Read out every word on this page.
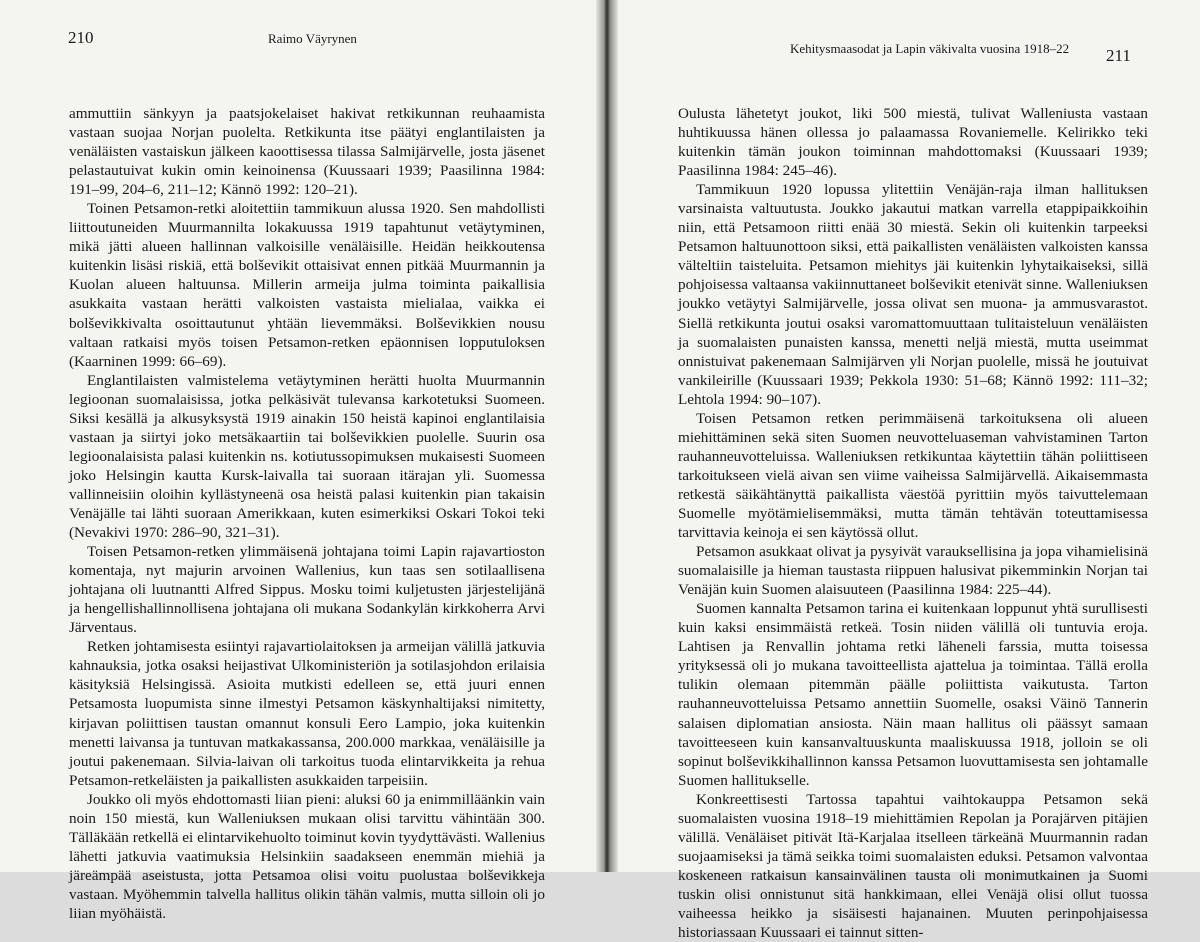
210	Raimo Väyrynen

ammuttiin sänkyyn ja paatsjokelaiset hakivat retkikunnan reuhaamista vastaan suojaa Norjan puolelta. Retkikunta itse päätyi englantilaisten ja venäläisten vastaiskun jälkeen kaoottisessa tilassa Salmijärvelle, josta jäsenet pelastautuivat kukin omin keinoinensa (Kuussaari 1939; Paasilinna 1984: 191–99, 204–6, 211–12; Kännö 1992: 120–21).

Toinen Petsamon-retki aloitettiin tammikuun alussa 1920. Sen mahdollisti liittoutuneiden Muurmannilta lokakuussa 1919 tapahtunut vetäytyminen, mikä jätti alueen hallinnan valkoisille venäläisille. Heidän heikkoutensa kuitenkin lisäsi riskiä, että bolševikit ottaisivat ennen pitkää Muurmannin ja Kuolan alueen haltuunsa. Millerin armeija julma toiminta paikallisia asukkaita vastaan herätti valkoisten vastaista mielialaa, vaikka ei bolševikkivalta osoittautunut yhtään lievemmäksi. Bolševikkien nousu valtaan ratkaisi myös toisen Petsamon-retken epäonnisen lopputuloksen (Kaarninen 1999: 66–69).

Englantilaisten valmistelema vetäytyminen herätti huolta Muurmannin legioonan suomalaisissa, jotka pelkäsivät tulevansa karkotetuksi Suomeen. Siksi kesällä ja alkusyksystä 1919 ainakin 150 heistä kapinoi englantilaisia vastaan ja siirtyi joko metsäkaartiin tai bolševikkien puolelle. Suurin osa legioonalaisista palasi kuitenkin ns. kotiutussopimuksen mukaisesti Suomeen joko Helsingin kautta Kursk-laivalla tai suoraan itärajan yli. Suomessa vallinneisiin oloihin kyllästyneenä osa heistä palasi kuitenkin pian takaisin Venäjälle tai lähti suoraan Amerikkaan, kuten esimerkiksi Oskari Tokoi teki (Nevakivi 1970: 286–90, 321–31).

Toisen Petsamon-retken ylimmäisenä johtajana toimi Lapin rajavartioston komentaja, nyt majurin arvoinen Wallenius, kun taas sen sotilaallisena johtajana oli luutnantti Alfred Sippus. Mosku toimi kuljetusten järjestelijänä ja hengellishallinnollisena johtajana oli mukana Sodankylän kirkkoherra Arvi Järventaus.

Retken johtamisesta esiintyi rajavartiolaitoksen ja armeijan välillä jatkuvia kahnauksia, jotka osaksi heijastivat Ulkoministeriön ja sotilasjohdon erilaisia käsityksiä Helsingissä. Asioita mutkisti edelleen se, että juuri ennen Petsamosta luopumista sinne ilmestyi Petsamon käskynhaltijaksi nimitetty, kirjavan poliittisen taustan omannut konsuli Eero Lampio, joka kuitenkin menetti laivansa ja tuntuvan matkakassansa, 200.000 markkaa, venäläisille ja joutui pakenemaan. Silvia-laivan oli tarkoitus tuoda elintarvikkeita ja rehua Petsamon-retkeläisten ja paikallisten asukkaiden tarpeisiin.

Joukko oli myös ehdottomasti liian pieni: aluksi 60 ja enimmilläänkin vain noin 150 miestä, kun Walleniuksen mukaan olisi tarvittu vähintään 300. Tälläkään retkellä ei elintarvikehuolto toiminut kovin tyydyttävästi. Wallenius lähetti jatkuvia vaatimuksia Helsinkiin saadakseen enemmän miehiä ja järeämpää aseistusta, jotta Petsamoa olisi voitu puolustaa bolševikkeja vastaan. Myöhemmin talvella hallitus olikin tähän valmis, mutta silloin oli jo liian myöhäistä.

Kehitysmaasodat ja Lapin väkivalta vuosina 1918–22 211

Oulusta lähetetyt joukot, liki 500 miestä, tulivat Walleniusta vastaan huhtikuussa hänen ollessa jo palaamassa Rovaniemelle. Kelirikko teki kuitenkin tämän joukon toiminnan mahdottomaksi (Kuussaari 1939; Paasilinna 1984: 245–46).

Tammikuun 1920 lopussa ylitettiin Venäjän-raja ilman hallituksen varsinaista valtuutusta. Joukko jakautui matkan varrella etappipaikkoihin niin, että Petsamoon riitti enää 30 miestä. Sekin oli kuitenkin tarpeeksi Petsamon haltuunottoon siksi, että paikallisten venäläisten valkoisten kanssa välteltiin taisteluita. Petsamon miehitys jäi kuitenkin lyhytaikaiseksi, sillä pohjoisessa valtaansa vakiinnuttaneet bolševikit etenivät sinne. Walleniuksen joukko vetäytyi Salmijärvelle, jossa olivat sen muona- ja ammusvarastot. Siellä retkikunta joutui osaksi varomattomuuttaan tulitaisteluun venäläisten ja suomalaisten punaisten kanssa, menetti neljä miestä, mutta useimmat onnistuivat pakenemaan Salmijärven yli Norjan puolelle, missä he joutuivat vankileirille (Kuussaari 1939; Pekkola 1930: 51–68; Kännö 1992: 111–32; Lehtola 1994: 90–107).

Toisen Petsamon retken perimmäisenä tarkoituksena oli alueen miehittäminen sekä siten Suomen neuvotteluaseman vahvistaminen Tarton rauhanneuvotteluissa. Walleniuksen retkikuntaa käytettiin tähän poliittiseen tarkoitukseen vielä aivan sen viime vaiheissa Salmijärvellä. Aikaisemmasta retkestä säikähtänyttä paikallista väestöä pyrittiin myös taivuttelemaan Suomelle myötämielisemmäksi, mutta tämän tehtävän toteuttamisessa tarvittavia keinoja ei sen käytössä ollut.

Petsamon asukkaat olivat ja pysyivät varauksellisina ja jopa vihamielisinä suomalaisille ja hieman taustasta riippuen halusivat pikemminkin Norjan tai Venäjän kuin Suomen alaisuuteen (Paasilinna 1984: 225–44).

Suomen kannalta Petsamon tarina ei kuitenkaan loppunut yhtä surullisesti kuin kaksi ensimmäistä retkeä. Tosin niiden välillä oli tuntuvia eroja. Lahtisen ja Renvallin johtama retki läheneli farssia, mutta toisessa yrityksessä oli jo mukana tavoitteellista ajattelua ja toimintaa. Tällä erolla tulikin olemaan pitemmän päälle poliittista vaikutusta. Tarton rauhanneuvotteluissa Petsamo annettiin Suomelle, osaksi Väinö Tannerin salaisen diplomatian ansiosta. Näin maan hallitus oli päässyt samaan tavoitteeseen kuin kansanvaltuuskunta maaliskuussa 1918, jolloin se oli sopinut bolševikkihallinnon kanssa Petsamon luovuttamisesta sen johtamalle Suomen hallitukselle.

Konkreettisesti Tartossa tapahtui vaihtokauppa Petsamon sekä suomalaisten vuosina 1918–19 miehittämien Repolan ja Porajärven pitäjien välillä. Venäläiset pitivät Itä-Karjalaa itselleen tärkeänä Muurmannin radan suojaamiseksi ja tämä seikka toimi suomalaisten eduksi. Petsamon valvontaa koskeneen ratkaisun kansainvälinen tausta oli monimutkainen ja Suomi tuskin olisi onnistunut sitä hankkimaan, ellei Venäjä olisi ollut tuossa vaiheessa heikko ja sisäisesti hajanainen. Muuten perinpohjaisessa historiassaan Kuussaari ei tainnut sitten-
